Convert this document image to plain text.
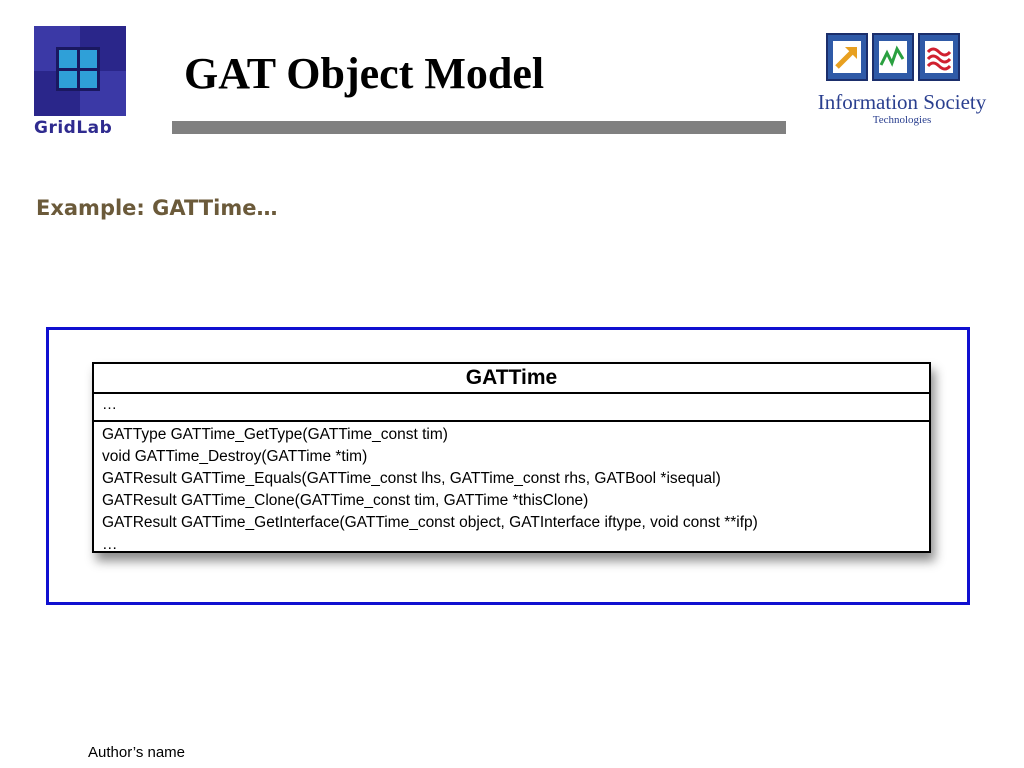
GridLab
GAT Object Model
Information Society
Technologies
Example: GATTime…
GATTime
…
GATType GATTime_GetType(GATTime_const tim)
void GATTime_Destroy(GATTime *tim)
GATResult GATTime_Equals(GATTime_const lhs, GATTime_const rhs, GATBool *isequal)
GATResult GATTime_Clone(GATTime_const tim, GATTime *thisClone)
GATResult GATTime_GetInterface(GATTime_const object, GATInterface iftype, void const **ifp)
…
Author’s name
